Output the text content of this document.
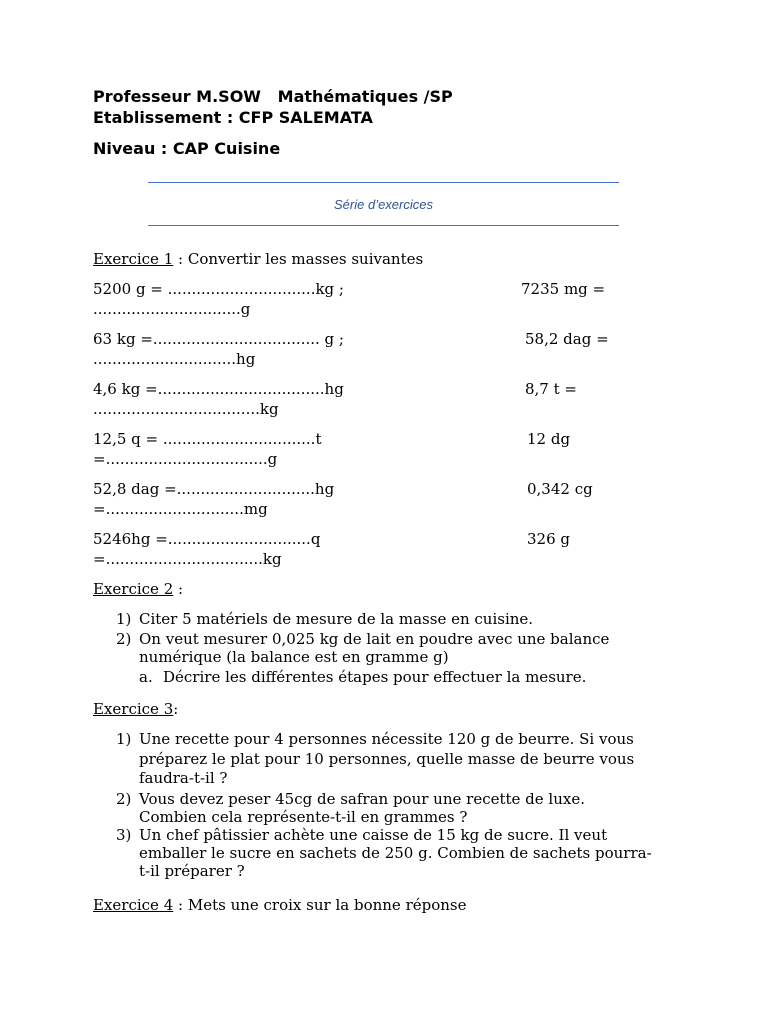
Professeur M.SOW   Mathématiques /SP
Etablissement : CFP SALEMATA
Niveau : CAP Cuisine
Série d’exercices
Exercice 1 : Convertir les masses suivantes
5200 g = ...............................kg ;	7235 mg =
...............................g
63 kg =................................... g ;	58,2 dag =
..............................hg
4,6 kg =...................................hg	8,7 t =
...................................kg
12,5 q = ................................t	12 dg
=..................................g
52,8 dag =.............................hg	0,342 cg
=.............................mg
5246hg =..............................q	326 g
=.................................kg
Exercice 2 :
1) Citer 5 matériels de mesure de la masse en cuisine.
2) On veut mesurer 0,025 kg de lait en poudre avec une balance
numérique (la balance est en gramme g)
a. Décrire les différentes étapes pour effectuer la mesure.
Exercice 3:
1) Une recette pour 4 personnes nécessite 120 g de beurre. Si vous
préparez le plat pour 10 personnes, quelle masse de beurre vous
faudra-t-il ?
2) Vous devez peser 45cg de safran pour une recette de luxe.
Combien cela représente-t-il en grammes ?
3) Un chef pâtissier achète une caisse de 15 kg de sucre. Il veut
emballer le sucre en sachets de 250 g. Combien de sachets pourra-
t-il préparer ?
Exercice 4 : Mets une croix sur la bonne réponse
